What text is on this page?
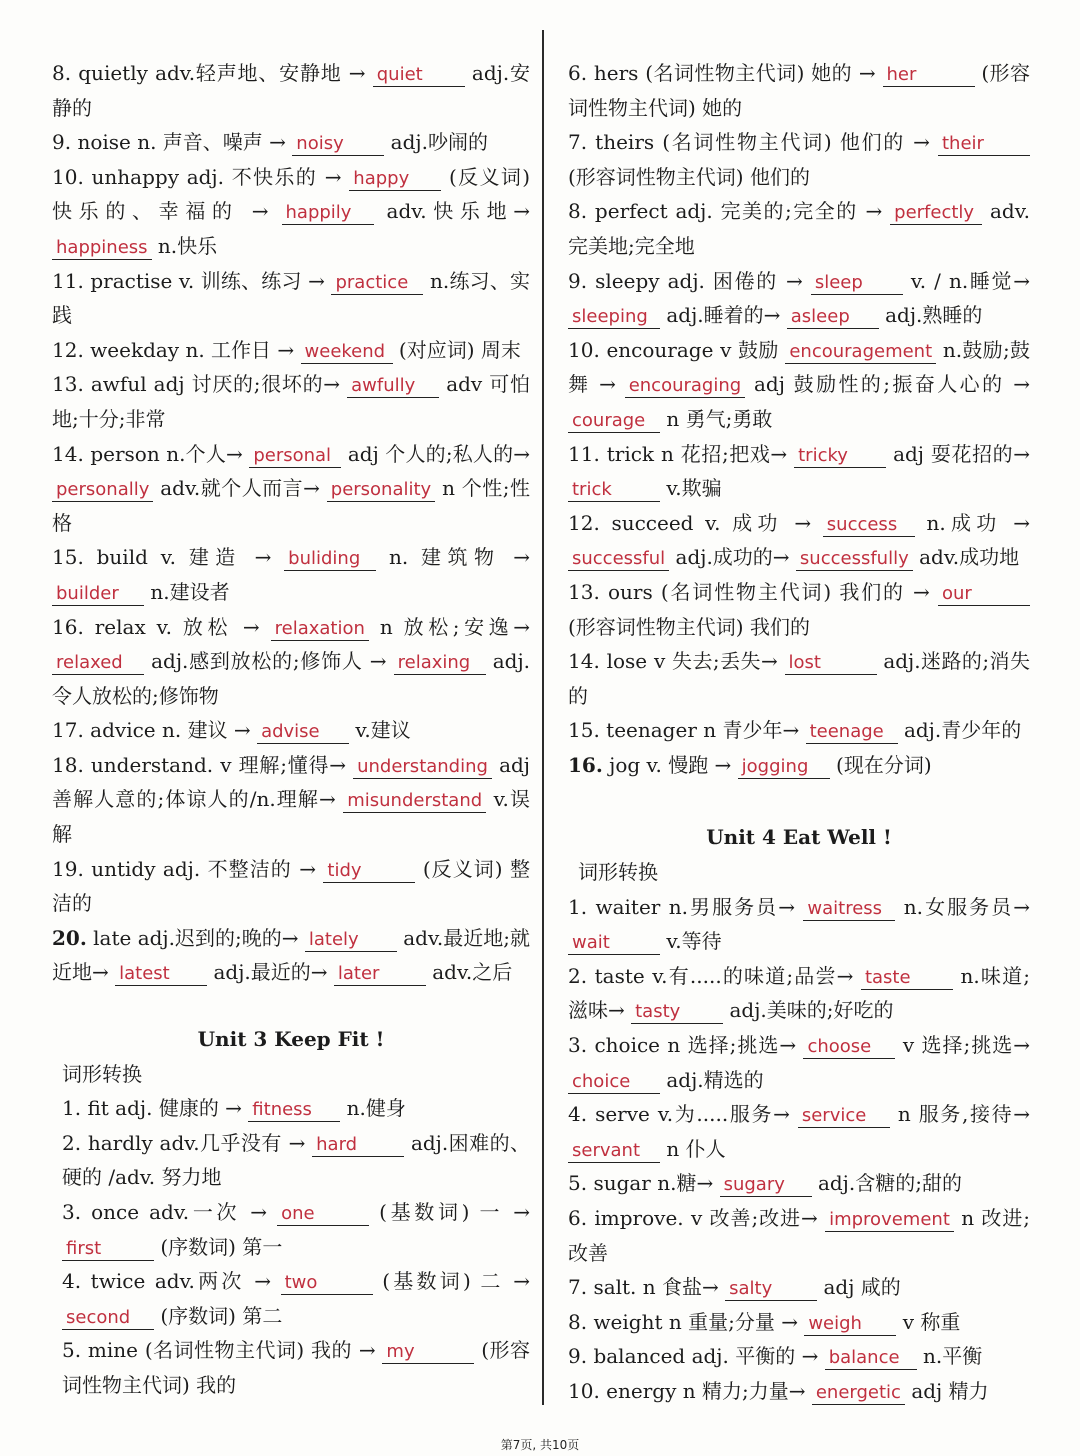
8. quietly adv.轻声地、安静地 → quiet adj.安静的

9. noise n. 声音、噪声 → noisy adj.吵闹的

10. unhappy adj. 不快乐的 → happy (反义词) 快乐的、幸福的 → happily adv.快乐地→ happiness n.快乐

11. practise v. 训练、练习 → practice n.练习、实践

12. weekday n. 工作日 → weekend (对应词) 周末

13. awful adj 讨厌的;很坏的→ awfully adv 可怕地;十分;非常

14. person n.个人→ personal adj 个人的;私人的→ personally adv.就个人而言→ personality n 个性;性格

15. build v. 建造 → buliding n. 建筑物 → builder n.建设者

16. relax v. 放松 → relaxation n 放松;安逸→ relaxed adj.感到放松的;修饰人 → relaxing adj.令人放松的;修饰物

17. advice n. 建议 → advise v.建议

18. understand. v 理解;懂得→ understanding adj 善解人意的;体谅人的/n.理解→ misunderstand v.误解

19. untidy adj. 不整洁的 → tidy	(反义词) 整洁的

20. late adj.迟到的;晚的→ lately adv.最近地;就近地→ latest adj.最近的→ later	adv.之后

Unit 3 Keep Fit !
词形转换

1. fit adj. 健康的 → fitness n.健身

2. hardly adv.几乎没有 → hard	adj.困难的、硬的 /adv. 努力地

3. once adv.一次 → one	(基数词) 一 → first	(序数词) 第一

4. twice adv.两次 → two	(基数词) 二 → second (序数词) 第二

5. mine (名词性物主代词) 我的 → my	(形容词性物主代词) 我的

6. hers (名词性物主代词) 她的 → her	(形容词性物主代词) 她的

7. theirs (名词性物主代词) 他们的 → their (形容词性物主代词) 他们的

8. perfect adj. 完美的;完全的 → perfectly adv. 完美地;完全地

9. sleepy adj. 困倦的 → sleep v. / n.睡觉→ sleeping adj.睡着的→ asleep adj.熟睡的

10. encourage v 鼓励 encouragement n.鼓励;鼓舞 → encouraging adj 鼓励性的;振奋人心的 → courage n 勇气;勇敢

11. trick n 花招;把戏→ tricky adj 耍花招的→ trick	v.欺骗

12. succeed v. 成功 → success n.成功 → successful adj.成功的→ successfully adv.成功地

13. ours (名词性物主代词) 我们的 → our (形容词性物主代词) 我们的

14. lose v 失去;丢失→ lost	adj.迷路的;消失的

15. teenager n 青少年→ teenage adj.青少年的

16. jog v. 慢跑 → jogging (现在分词)

Unit 4 Eat Well !
词形转换

1. waiter n.男服务员→ waitress n.女服务员→ wait	v.等待

2. taste v.有.....的味道;品尝→ taste n.味道;滋味→ tasty adj.美味的;好吃的

3. choice n 选择;挑选→ choose v 选择;挑选→ choice adj.精选的

4. serve v.为.....服务→ service n 服务,接待→ servant n 仆人

5. sugar n.糖→ sugary adj.含糖的;甜的

6. improve. v 改善;改进→ improvement n 改进;改善

7. salt. n 食盐→ salty	adj 咸的

8. weight n 重量;分量 → weigh v 称重

9. balanced adj. 平衡的 → balance n.平衡

10. energy n 精力;力量→ energetic adj 精力

第7页, 共10页
